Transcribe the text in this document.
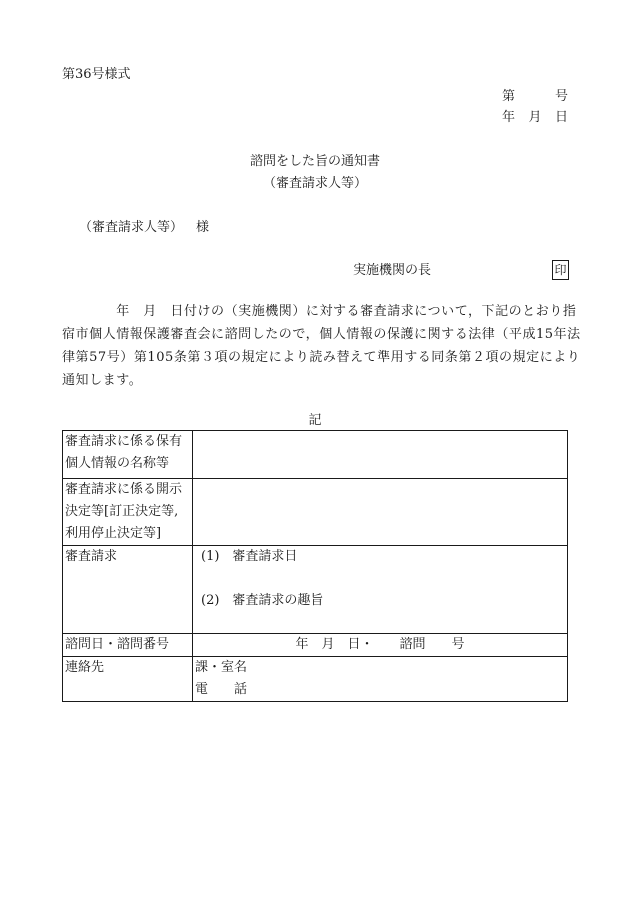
第36号様式
第	号
年 月 日
諮問をした旨の通知書
（審査請求人等）
（審査請求人等） 様
実施機関の長	印

　　　　年　月　日付けの（実施機関）に対する審査請求について，下記のとおり指

宿市個人情報保護審査会に諮問したので，個人情報の保護に関する法律（平成15年法

律第57号）第105条第３項の規定により読み替えて準用する同条第２項の規定により

通知します。

記
審査請求に係る保有
個人情報の名称等	

審査請求に係る開示
決定等[訂正決定等,
利用停止決定等]	

審査請求	(1)　審査請求日
(2)　審査請求の趣旨

諮問日・諮問番号	年　月　日・　　諮問　　号

連絡先	課・室名
電　　話
